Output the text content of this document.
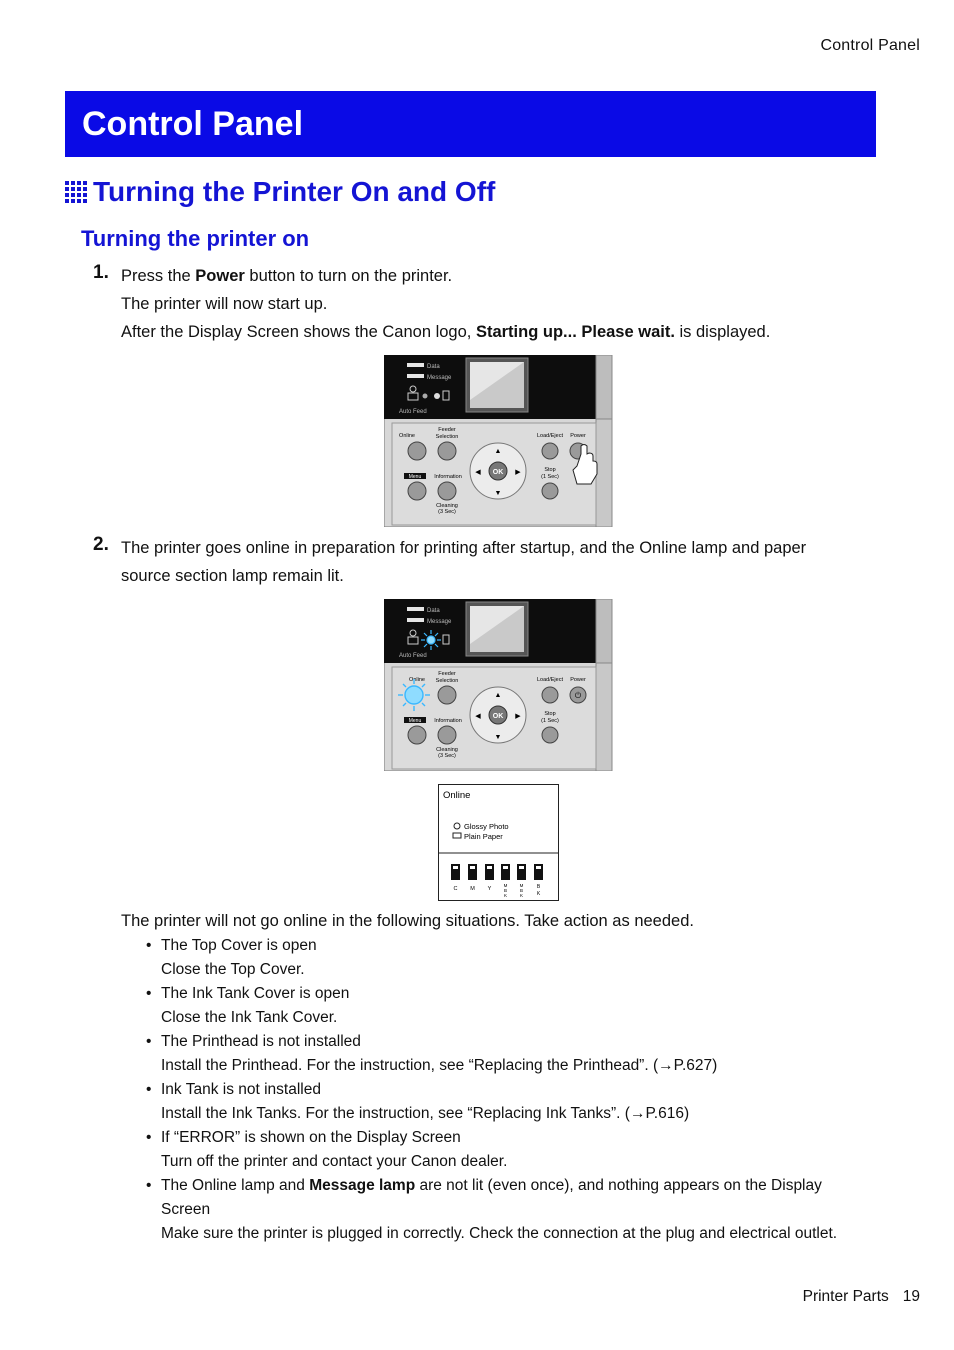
Control Panel
Control Panel
Turning the Printer On and Off
Turning the printer on
1. Press the Power button to turn on the printer.
The printer will now start up.
After the Display Screen shows the Canon logo, Starting up... Please wait. is displayed.
Data
Message
Auto Feed
Online
Feeder
Selection
Menu Information
Cleaning
(3 Sec)
OK
▲
▼
◀	▶
Load/Eject Power
Stop
(1 Sec)
2. The printer goes online in preparation for printing after startup, and the Online lamp and paper
source section lamp remain lit.
Data
Message
Auto Feed
Online
Feeder
Selection
Menu Information
Cleaning
(3 Sec)
OK
▲
▼
◀	▶
Load/Eject Power
⏻
Stop
(1 Sec)
Online
Glossy Photo
Plain Paper
C M Y
M
B
K
M
B
K
B
K
The printer will not go online in the following situations. Take action as needed.
• The Top Cover is open
Close the Top Cover.
• The Ink Tank Cover is open
Close the Ink Tank Cover.
• The Printhead is not installed
Install the Printhead. For the instruction, see “Replacing the Printhead”. (→P.627)
• Ink Tank is not installed
Install the Ink Tanks. For the instruction, see “Replacing Ink Tanks”. (→P.616)
• If “ERROR” is shown on the Display Screen
Turn off the printer and contact your Canon dealer.
• The Online lamp and Message lamp are not lit (even once), and nothing appears on the Display
Screen
Make sure the printer is plugged in correctly. Check the connection at the plug and electrical outlet.
Printer Parts 19
